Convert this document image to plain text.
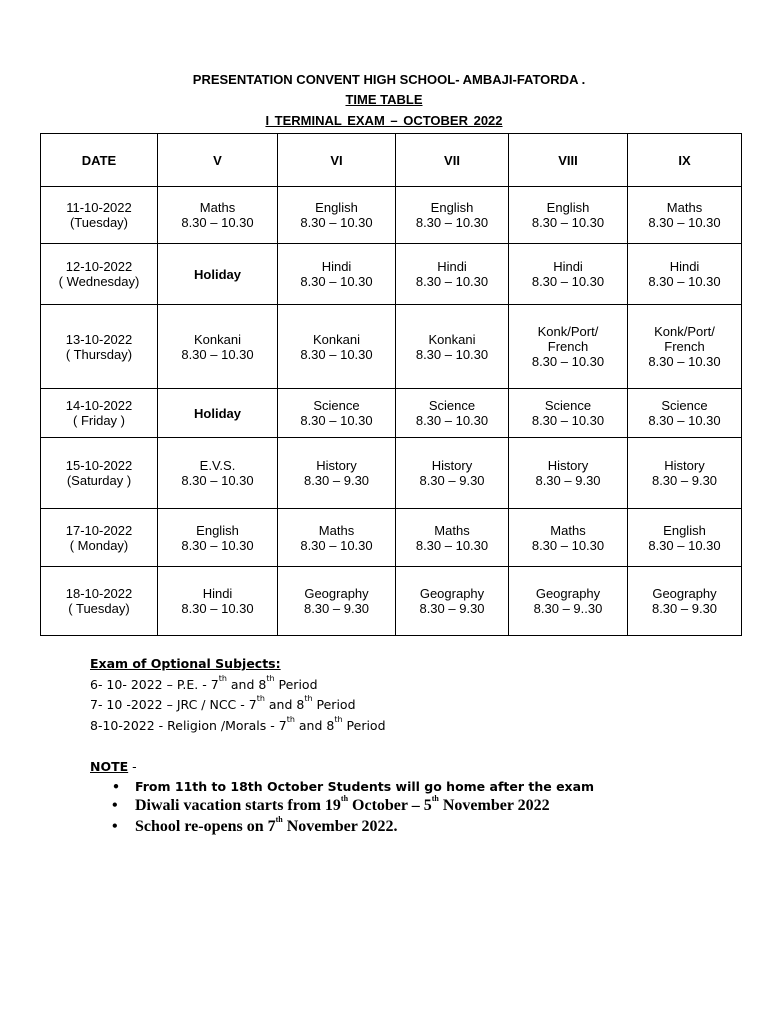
PRESENTATION CONVENT HIGH SCHOOL- AMBAJI-FATORDA .
TIME TABLE
I TERMINAL EXAM – OCTOBER 2022
DATE	V	VI	VII	VIII	IX

11-10-2022
(Tuesday)	Maths
8.30 – 10.30	English
8.30 – 10.30	English
8.30 – 10.30	English
8.30 – 10.30	Maths
8.30 – 10.30

12-10-2022
( Wednesday)	Holiday	Hindi
8.30 – 10.30	Hindi
8.30 – 10.30	Hindi
8.30 – 10.30	Hindi
8.30 – 10.30

13-10-2022
( Thursday)	Konkani
8.30 – 10.30	Konkani
8.30 – 10.30	Konkani
8.30 – 10.30	Konk/Port/
French
8.30 – 10.30	Konk/Port/
French
8.30 – 10.30

14-10-2022
( Friday )	Holiday	Science
8.30 – 10.30	Science
8.30 – 10.30	Science
8.30 – 10.30	Science
8.30 – 10.30

15-10-2022
(Saturday )	E.V.S.
8.30 – 10.30	History
8.30 – 9.30	History
8.30 – 9.30	History
8.30 – 9.30	History
8.30 – 9.30

17-10-2022
( Monday)	English
8.30 – 10.30	Maths
8.30 – 10.30	Maths
8.30 – 10.30	Maths
8.30 – 10.30	English
8.30 – 10.30

18-10-2022
( Tuesday)	Hindi
8.30 – 10.30	Geography
8.30 – 9.30	Geography
8.30 – 9.30	Geography
8.30 – 9..30	Geography
8.30 – 9.30
Exam of Optional Subjects:
6- 10- 2022 – P.E. - 7th and 8th Period
7- 10 -2022 – JRC / NCC - 7th and 8th Period
8-10-2022 - Religion /Morals - 7th and 8th Period
NOTE -
• From 11th to 18th October Students will go home after the exam
• Diwali vacation starts from 19th October – 5th November 2022
• School re-opens on 7th November 2022.
